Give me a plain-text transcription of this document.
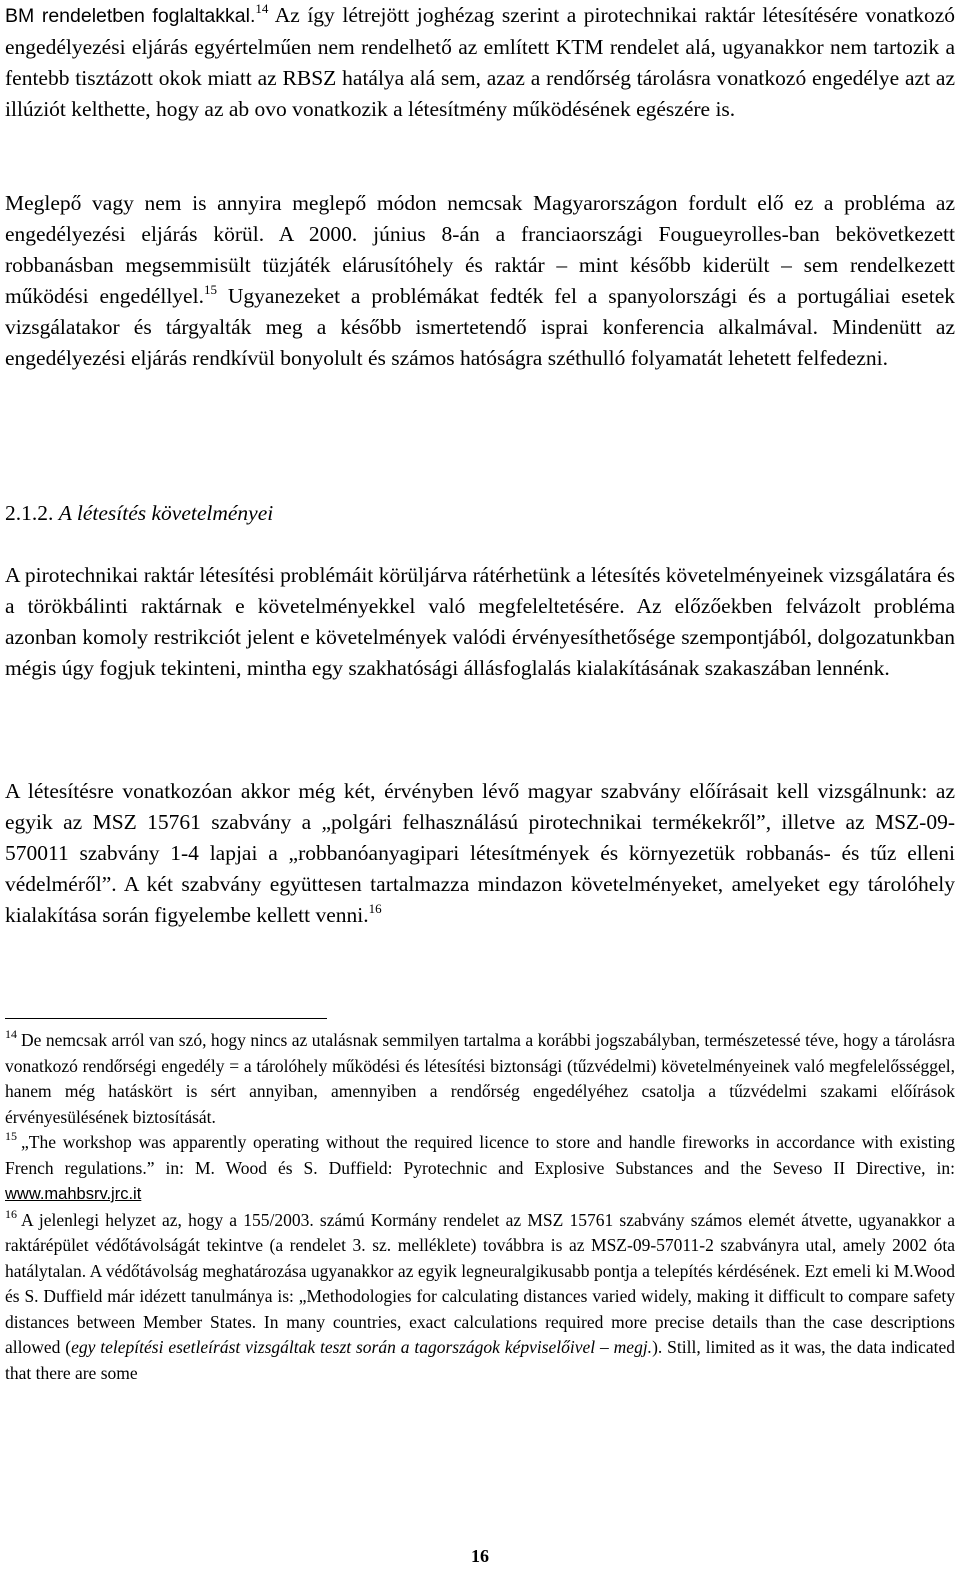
BM rendeletben foglaltakkal.$^{14}$ Az így létrejött joghézag szerint a pirotechnikai raktár létesítésére vonatkozó engedélyezési eljárás egyértelműen nem rendelhető az említett KTM rendelet alá, ugyanakkor nem tartozik a fentebb tisztázott okok miatt az RBSZ hatálya alá sem, azaz a rendőrség tárolásra vonatkozó engedélye azt az illúziót kelthette, hogy az ab ovo vonatkozik a létesítmény működésének egészére is.

Meglepő vagy nem is annyira meglepő módon nemcsak Magyarországon fordult elő ez a probléma az engedélyezési eljárás körül. A 2000. június 8-án a franciaországi Fougueyrolles-ban bekövetkezett robbanásban megsemmisült tüzjáték elárusítóhely és raktár – mint később kiderült – sem rendelkezett működési engedéllyel.$^{15}$ Ugyanezeket a problémákat fedték fel a spanyolországi és a portugáliai esetek vizsgálatakor és tárgyalták meg a később ismertetendő isprai konferencia alkalmával. Mindenütt az engedélyezési eljárás rendkívül bonyolult és számos hatóságra széthulló folyamatát lehetett felfedezni.

2.1.2. A létesítés követelményei

A pirotechnikai raktár létesítési problémáit körüljárva rátérhetünk a létesítés követelményeinek vizsgálatára és a törökbálinti raktárnak e követelményekkel való megfeleltetésére. Az előzőekben felvázolt probléma azonban komoly restrikciót jelent e követelmények valódi érvényesíthetősége szempontjából, dolgozatunkban mégis úgy fogjuk tekinteni, mintha egy szakhatósági állásfoglalás kialakításának szakaszában lennénk.

A létesítésre vonatkozóan akkor még két, érvényben lévő magyar szabvány előírásait kell vizsgálnunk: az egyik az MSZ 15761 szabvány a „polgári felhasználású pirotechnikai termékekről”, illetve az MSZ-09-570011 szabvány 1-4 lapjai a „robbanóanyagipari létesítmények és környezetük robbanás- és tűz elleni védelméről”. A két szabvány együttesen tartalmazza mindazon követelményeket, amelyeket egy tárolóhely kialakítása során figyelembe kellett venni.$^{16}$

$^{14}$ De nemcsak arról van szó, hogy nincs az utalásnak semmilyen tartalma a korábbi jogszabályban, természetessé téve, hogy a tárolásra vonatkozó rendőrségi engedély = a tárolóhely működési és létesítési biztonsági (tűzvédelmi) követelményeinek való megfelelősséggel, hanem még hatáskört is sért annyiban, amennyiben a rendőrség engedélyéhez csatolja a tűzvédelmi szakami előírások érvényesülésének biztosítását.

$^{15}$ „The workshop was apparently operating without the required licence to store and handle fireworks in accordance with existing French regulations.” in: M. Wood és S. Duffield: Pyrotechnic and Explosive Substances and the Seveso II Directive, in: www.mahbsrv.jrc.it

$^{16}$ A jelenlegi helyzet az, hogy a 155/2003. számú Kormány rendelet az MSZ 15761 szabvány számos elemét átvette, ugyanakkor a raktárépület védőtávolságát tekintve (a rendelet 3. sz. melléklete) továbbra is az MSZ-09-57011-2 szabványra utal, amely 2002 óta hatálytalan. A védőtávolság meghatározása ugyanakkor az egyik legneuralgikusabb pontja a telepítés kérdésének. Ezt emeli ki M.Wood és S. Duffield már idézett tanulmánya is: „Methodologies for calculating distances varied widely, making it difficult to compare safety distances between Member States. In many countries, exact calculations required more precise details than the case descriptions allowed (egy telepítési esetleírást vizsgáltak teszt során a tagországok képviselőivel – megj.). Still, limited as it was, the data indicated that there are some

16
